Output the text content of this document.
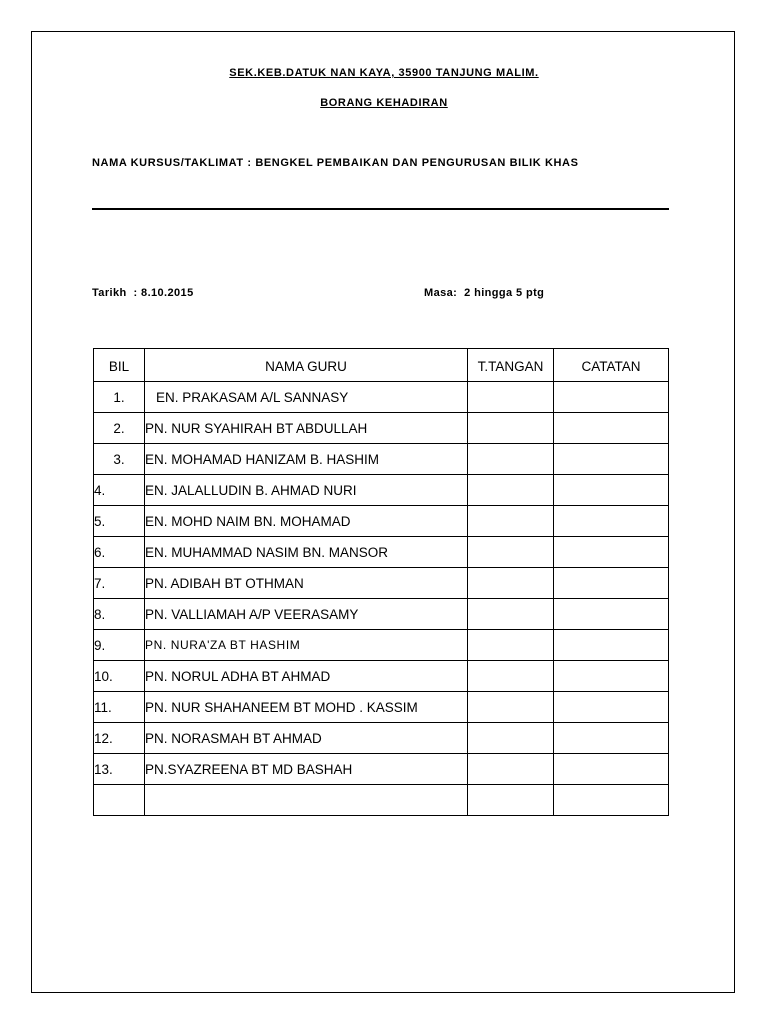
SEK.KEB.DATUK NAN KAYA, 35900 TANJUNG MALIM.
BORANG KEHADIRAN
NAMA KURSUS/TAKLIMAT : BENGKEL PEMBAIKAN DAN PENGURUSAN BILIK KHAS
Tarikh : 8.10.2015	Masa: 2 hingga 5 ptg
BIL	NAMA GURU	T.TANGAN	CATATAN
1.	EN. PRAKASAM A/L SANNASY		
2.	PN. NUR SYAHIRAH BT ABDULLAH		
3.	EN. MOHAMAD HANIZAM B. HASHIM		
4.	EN. JALALLUDIN B. AHMAD NURI		
5.	EN. MOHD NAIM BN. MOHAMAD		
6.	EN. MUHAMMAD NASIM BN. MANSOR		
7.	PN. ADIBAH BT OTHMAN		
8.	PN. VALLIAMAH A/P VEERASAMY		
9.	PN. NURA'ZA BT HASHIM		
10.	PN. NORUL ADHA BT AHMAD		
11.	PN. NUR SHAHANEEM BT MOHD . KASSIM		
12.	PN. NORASMAH BT AHMAD		
13.	PN.SYAZREENA BT MD BASHAH		
